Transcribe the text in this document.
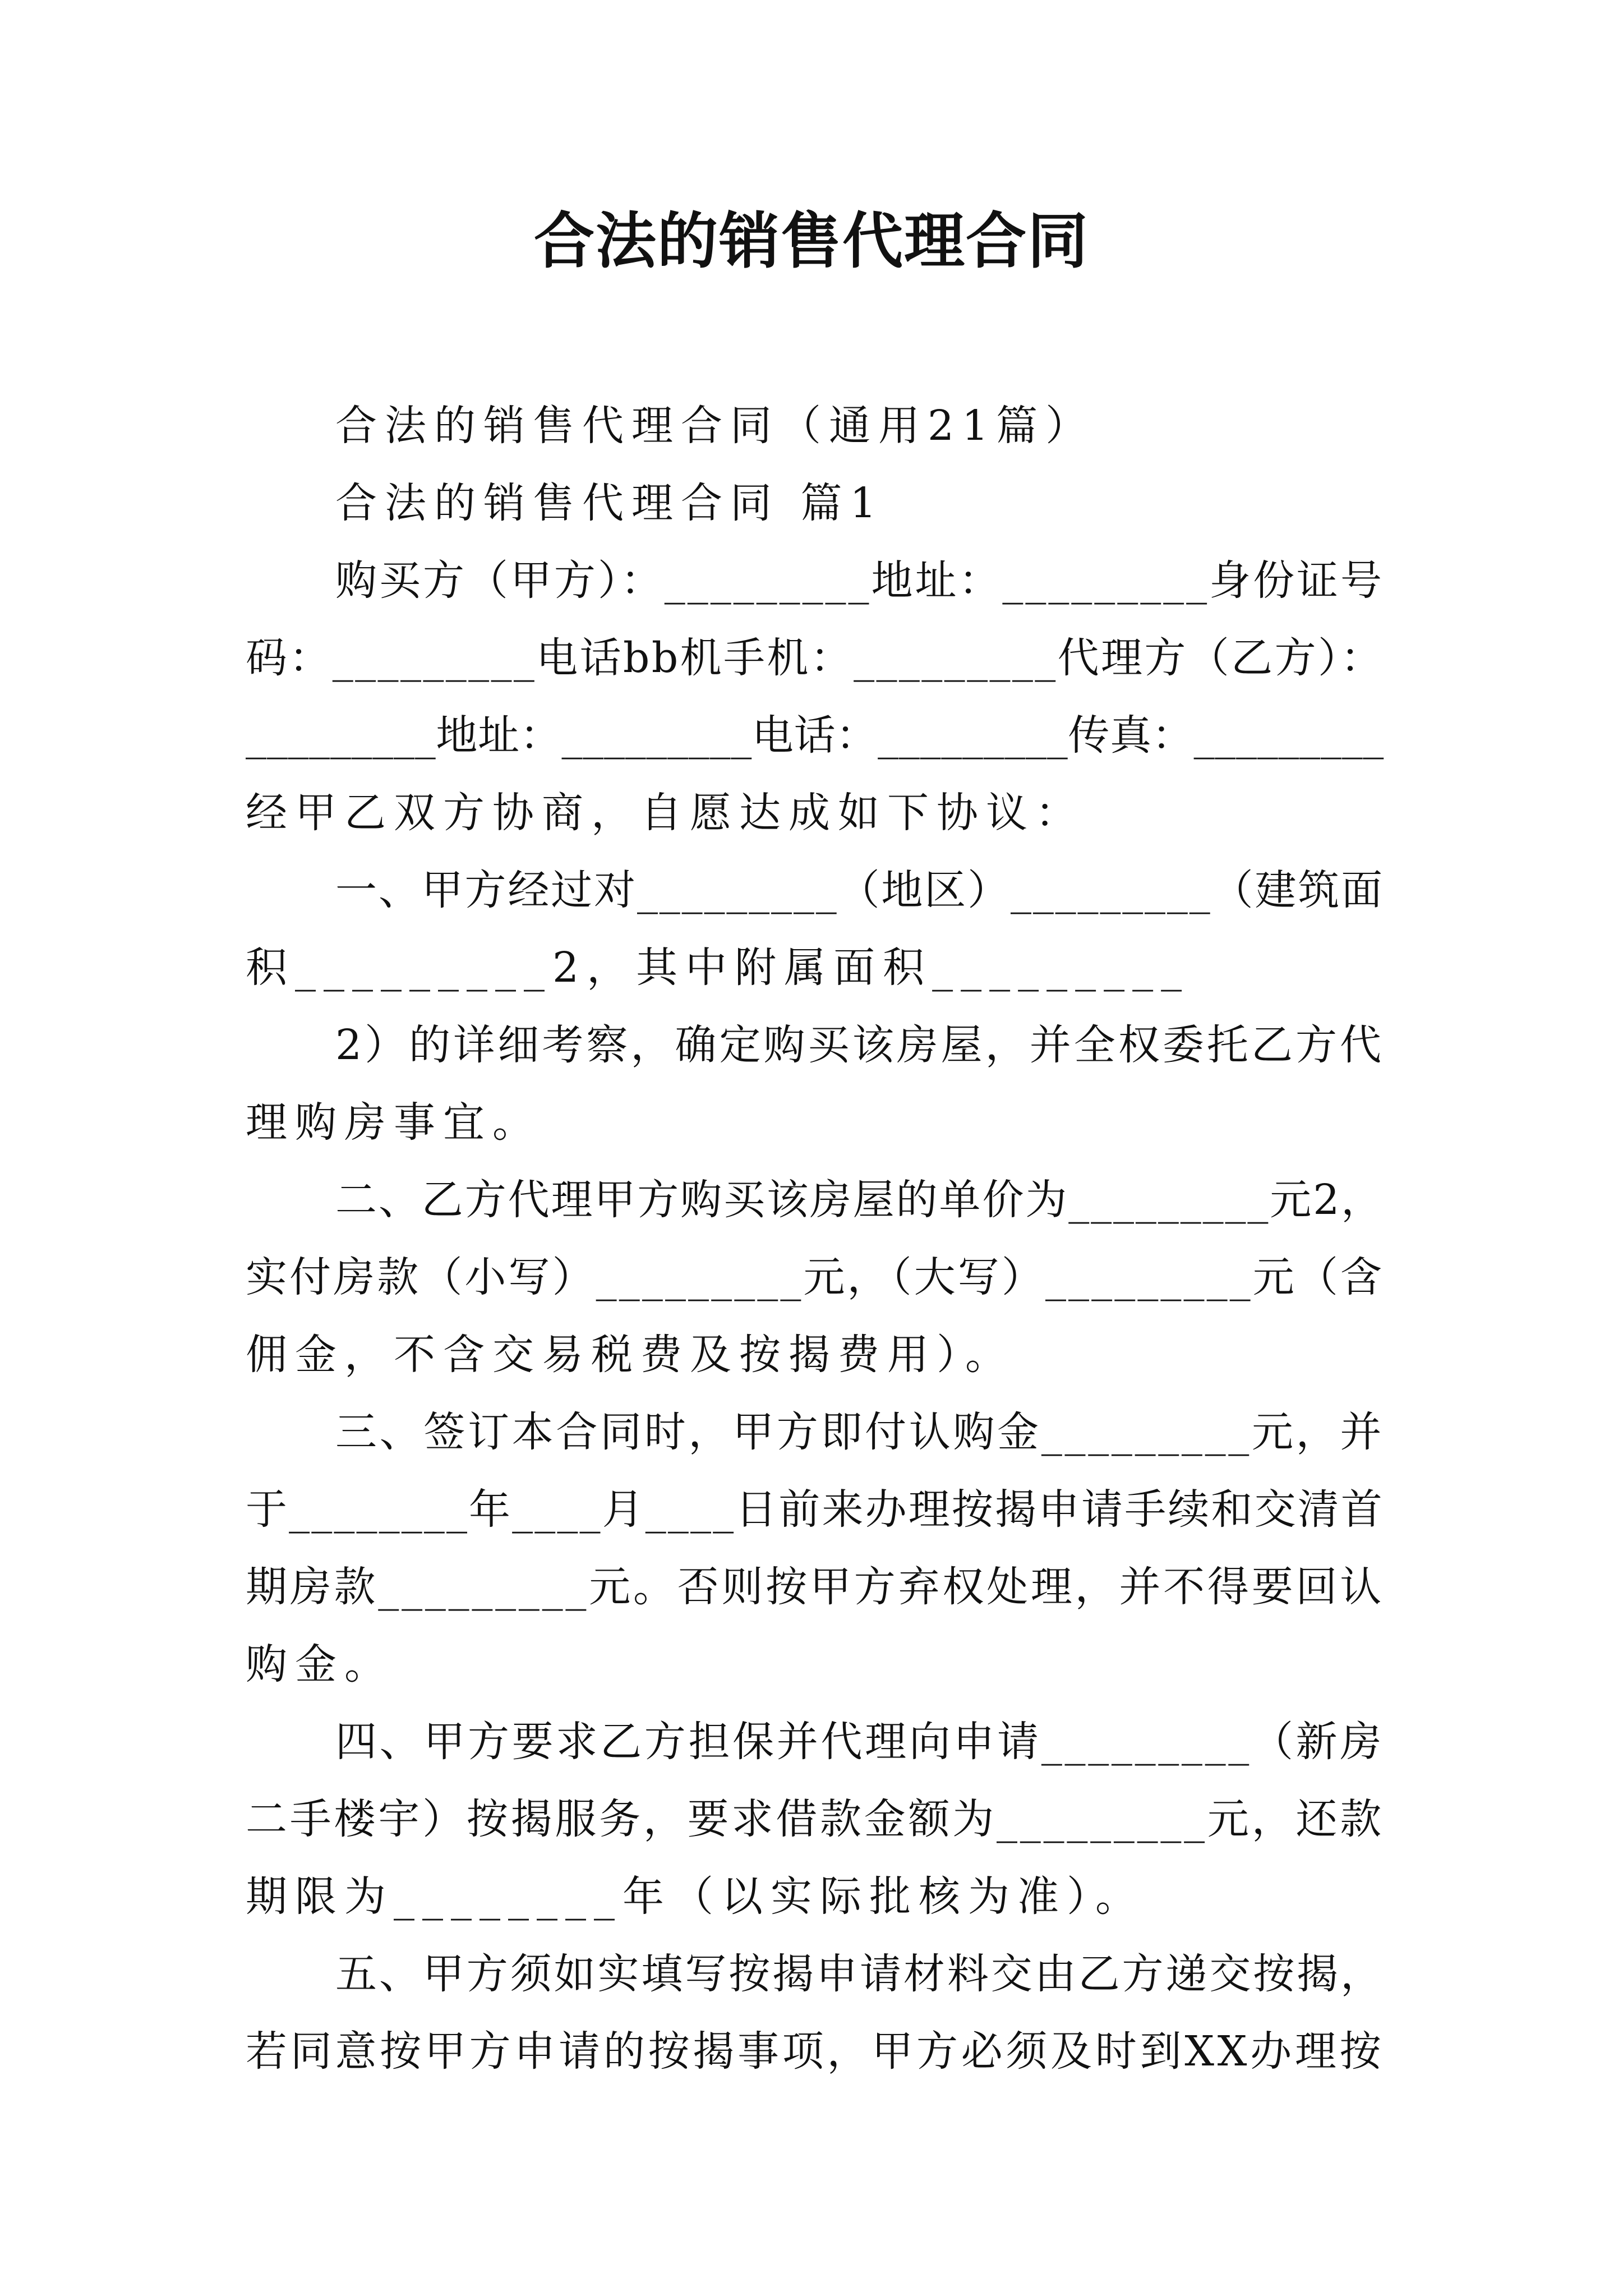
合法的销售代理合同
合法的销售代理合同（通用21篇）
合法的销售代理合同 篇1
购买方（甲方）：_________地址：_________身份证号
码：_________电话bb机手机：_________代理方（乙方）：
_________地址：_________电话：_________传真：_________
经甲乙双方协商，自愿达成如下协议：
一、甲方经过对_________（地区）_________（建筑面
积_________2，其中附属面积_________
2）的详细考察，确定购买该房屋，并全权委托乙方代
理购房事宜。
二、乙方代理甲方购买该房屋的单价为_________元2，
实付房款（小写）_________元，（大写）_________元（含
佣金，不含交易税费及按揭费用）。
三、签订本合同时，甲方即付认购金_________元，并
于________年____月____日前来办理按揭申请手续和交清首
期房款_________元。否则按甲方弃权处理，并不得要回认
购金。
四、甲方要求乙方担保并代理向申请_________（新房
二手楼宇）按揭服务，要求借款金额为_________元，还款
期限为________年（以实际批核为准）。
五、甲方须如实填写按揭申请材料交由乙方递交按揭，
若同意按甲方申请的按揭事项，甲方必须及时到XX办理按
